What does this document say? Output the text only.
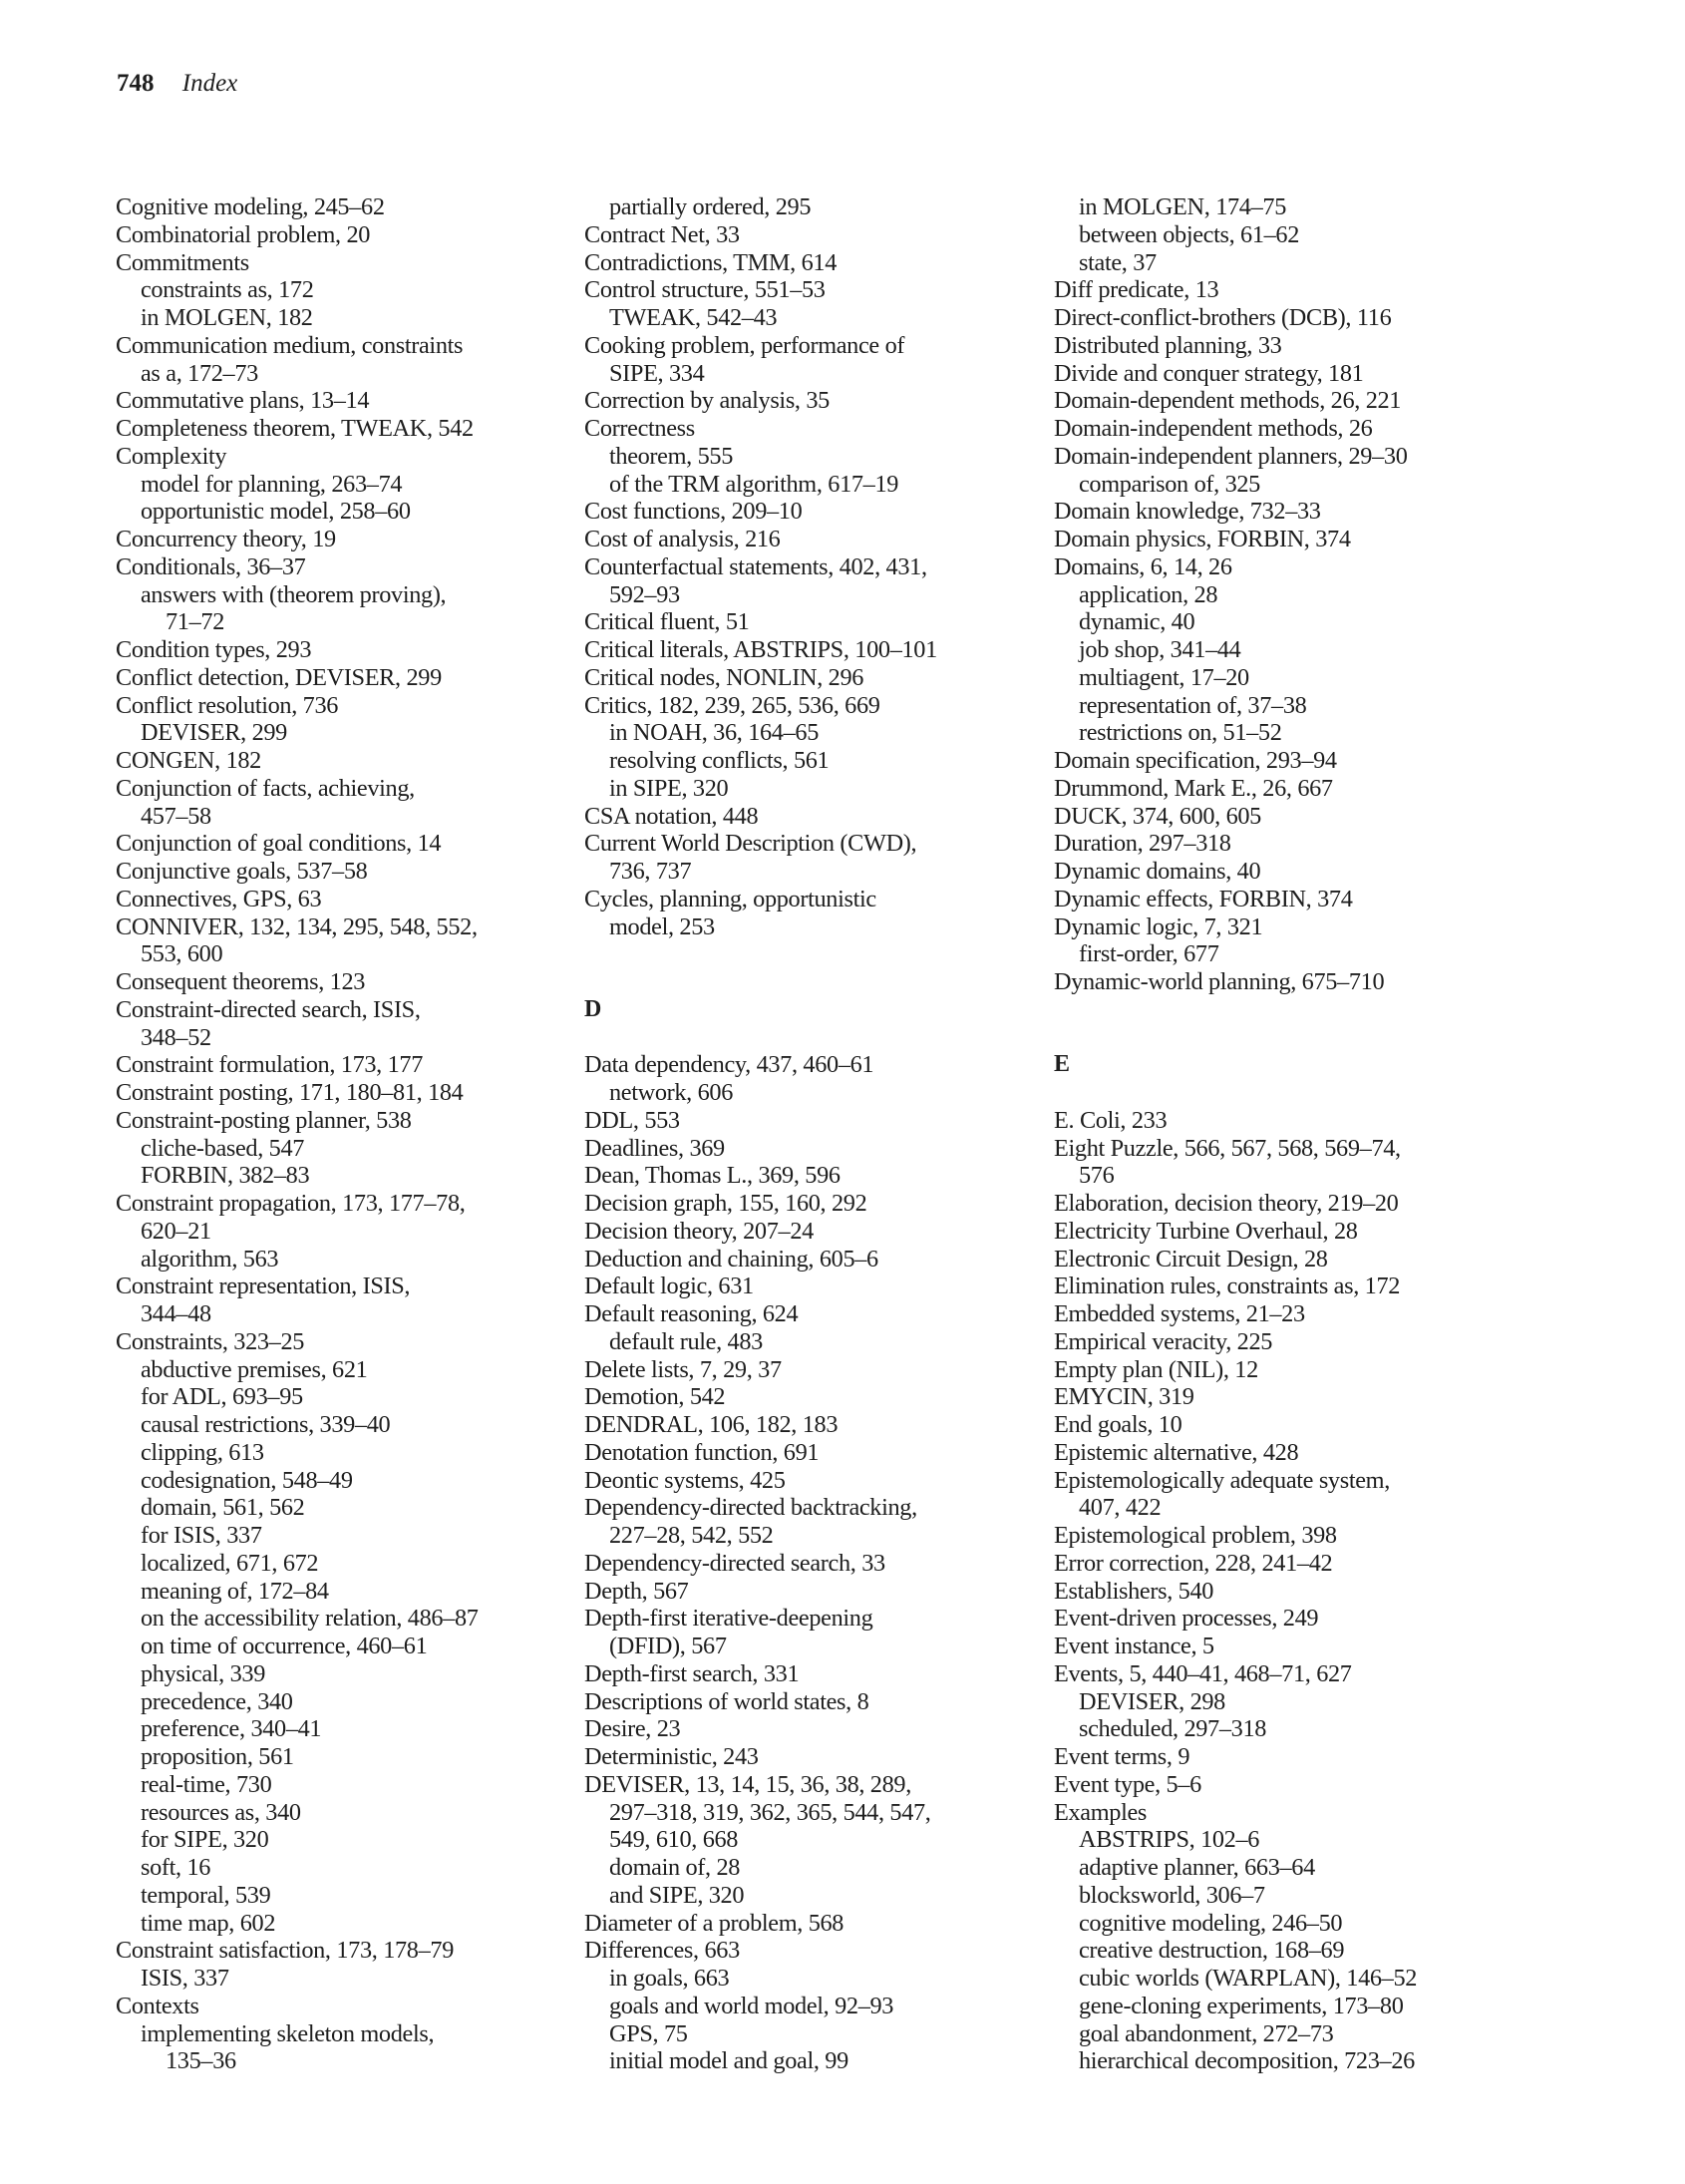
748 Index
Cognitive modeling, 245–62
Combinatorial problem, 20
Commitments
constraints as, 172
in MOLGEN, 182
Communication medium, constraints
as a, 172–73
Commutative plans, 13–14
Completeness theorem, TWEAK, 542
Complexity
model for planning, 263–74
opportunistic model, 258–60
Concurrency theory, 19
Conditionals, 36–37
answers with (theorem proving),
71–72
Condition types, 293
Conflict detection, DEVISER, 299
Conflict resolution, 736
DEVISER, 299
CONGEN, 182
Conjunction of facts, achieving,
457–58
Conjunction of goal conditions, 14
Conjunctive goals, 537–58
Connectives, GPS, 63
CONNIVER, 132, 134, 295, 548, 552,
553, 600
Consequent theorems, 123
Constraint-directed search, ISIS,
348–52
Constraint formulation, 173, 177
Constraint posting, 171, 180–81, 184
Constraint-posting planner, 538
cliche-based, 547
FORBIN, 382–83
Constraint propagation, 173, 177–78,
620–21
algorithm, 563
Constraint representation, ISIS,
344–48
Constraints, 323–25
abductive premises, 621
for ADL, 693–95
causal restrictions, 339–40
clipping, 613
codesignation, 548–49
domain, 561, 562
for ISIS, 337
localized, 671, 672
meaning of, 172–84
on the accessibility relation, 486–87
on time of occurrence, 460–61
physical, 339
precedence, 340
preference, 340–41
proposition, 561
real-time, 730
resources as, 340
for SIPE, 320
soft, 16
temporal, 539
time map, 602
Constraint satisfaction, 173, 178–79
ISIS, 337
Contexts
implementing skeleton models,
135–36
partially ordered, 295
Contract Net, 33
Contradictions, TMM, 614
Control structure, 551–53
TWEAK, 542–43
Cooking problem, performance of
SIPE, 334
Correction by analysis, 35
Correctness
theorem, 555
of the TRM algorithm, 617–19
Cost functions, 209–10
Cost of analysis, 216
Counterfactual statements, 402, 431,
592–93
Critical fluent, 51
Critical literals, ABSTRIPS, 100–101
Critical nodes, NONLIN, 296
Critics, 182, 239, 265, 536, 669
in NOAH, 36, 164–65
resolving conflicts, 561
in SIPE, 320
CSA notation, 448
Current World Description (CWD),
736, 737
Cycles, planning, opportunistic
model, 253
D
Data dependency, 437, 460–61
network, 606
DDL, 553
Deadlines, 369
Dean, Thomas L., 369, 596
Decision graph, 155, 160, 292
Decision theory, 207–24
Deduction and chaining, 605–6
Default logic, 631
Default reasoning, 624
default rule, 483
Delete lists, 7, 29, 37
Demotion, 542
DENDRAL, 106, 182, 183
Denotation function, 691
Deontic systems, 425
Dependency-directed backtracking,
227–28, 542, 552
Dependency-directed search, 33
Depth, 567
Depth-first iterative-deepening
(DFID), 567
Depth-first search, 331
Descriptions of world states, 8
Desire, 23
Deterministic, 243
DEVISER, 13, 14, 15, 36, 38, 289,
297–318, 319, 362, 365, 544, 547,
549, 610, 668
domain of, 28
and SIPE, 320
Diameter of a problem, 568
Differences, 663
in goals, 663
goals and world model, 92–93
GPS, 75
initial model and goal, 99
in MOLGEN, 174–75
between objects, 61–62
state, 37
Diff predicate, 13
Direct-conflict-brothers (DCB), 116
Distributed planning, 33
Divide and conquer strategy, 181
Domain-dependent methods, 26, 221
Domain-independent methods, 26
Domain-independent planners, 29–30
comparison of, 325
Domain knowledge, 732–33
Domain physics, FORBIN, 374
Domains, 6, 14, 26
application, 28
dynamic, 40
job shop, 341–44
multiagent, 17–20
representation of, 37–38
restrictions on, 51–52
Domain specification, 293–94
Drummond, Mark E., 26, 667
DUCK, 374, 600, 605
Duration, 297–318
Dynamic domains, 40
Dynamic effects, FORBIN, 374
Dynamic logic, 7, 321
first-order, 677
Dynamic-world planning, 675–710
E
E. Coli, 233
Eight Puzzle, 566, 567, 568, 569–74,
576
Elaboration, decision theory, 219–20
Electricity Turbine Overhaul, 28
Electronic Circuit Design, 28
Elimination rules, constraints as, 172
Embedded systems, 21–23
Empirical veracity, 225
Empty plan (NIL), 12
EMYCIN, 319
End goals, 10
Epistemic alternative, 428
Epistemologically adequate system,
407, 422
Epistemological problem, 398
Error correction, 228, 241–42
Establishers, 540
Event-driven processes, 249
Event instance, 5
Events, 5, 440–41, 468–71, 627
DEVISER, 298
scheduled, 297–318
Event terms, 9
Event type, 5–6
Examples
ABSTRIPS, 102–6
adaptive planner, 663–64
blocksworld, 306–7
cognitive modeling, 246–50
creative destruction, 168–69
cubic worlds (WARPLAN), 146–52
gene-cloning experiments, 173–80
goal abandonment, 272–73
hierarchical decomposition, 723–26
